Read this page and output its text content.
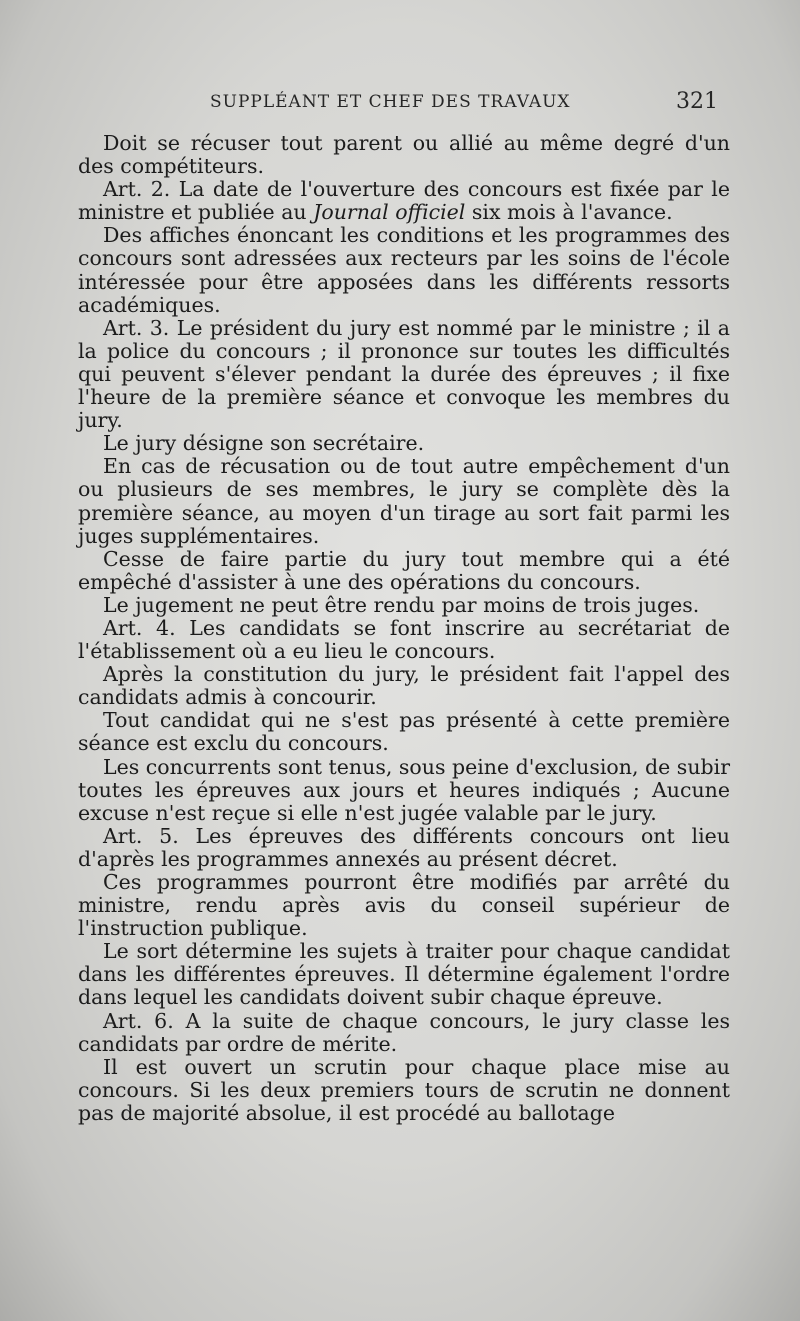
SUPPLÉANT ET CHEF DES TRAVAUX	321

Doit se récuser tout parent ou allié au même degré d'un des compétiteurs.

Art. 2. La date de l'ouverture des concours est fixée par le ministre et publiée au Journal officiel six mois à l'avance.

Des affiches énoncant les conditions et les programmes des concours sont adressées aux recteurs par les soins de l'école intéressée pour être apposées dans les différents ressorts académiques.

Art. 3. Le président du jury est nommé par le ministre ; il a la police du concours ; il prononce sur toutes les difficultés qui peuvent s'élever pendant la durée des épreuves ; il fixe l'heure de la première séance et convoque les membres du jury.

Le jury désigne son secrétaire.

En cas de récusation ou de tout autre empêchement d'un ou plusieurs de ses membres, le jury se complète dès la première séance, au moyen d'un tirage au sort fait parmi les juges supplémentaires.

Cesse de faire partie du jury tout membre qui a été empêché d'assister à une des opérations du concours.

Le jugement ne peut être rendu par moins de trois juges.

Art. 4. Les candidats se font inscrire au secrétariat de l'établissement où a eu lieu le concours.

Après la constitution du jury, le président fait l'appel des candidats admis à concourir.

Tout candidat qui ne s'est pas présenté à cette première séance est exclu du concours.

Les concurrents sont tenus, sous peine d'exclusion, de subir toutes les épreuves aux jours et heures indiqués ; Aucune excuse n'est reçue si elle n'est jugée valable par le jury.

Art. 5. Les épreuves des différents concours ont lieu d'après les programmes annexés au présent décret.

Ces programmes pourront être modifiés par arrêté du ministre, rendu après avis du conseil supérieur de l'instruction publique.

Le sort détermine les sujets à traiter pour chaque candidat dans les différentes épreuves. Il détermine également l'ordre dans lequel les candidats doivent subir chaque épreuve.

Art. 6. A la suite de chaque concours, le jury classe les candidats par ordre de mérite.

Il est ouvert un scrutin pour chaque place mise au concours. Si les deux premiers tours de scrutin ne donnent pas de majorité absolue, il est procédé au ballotage
